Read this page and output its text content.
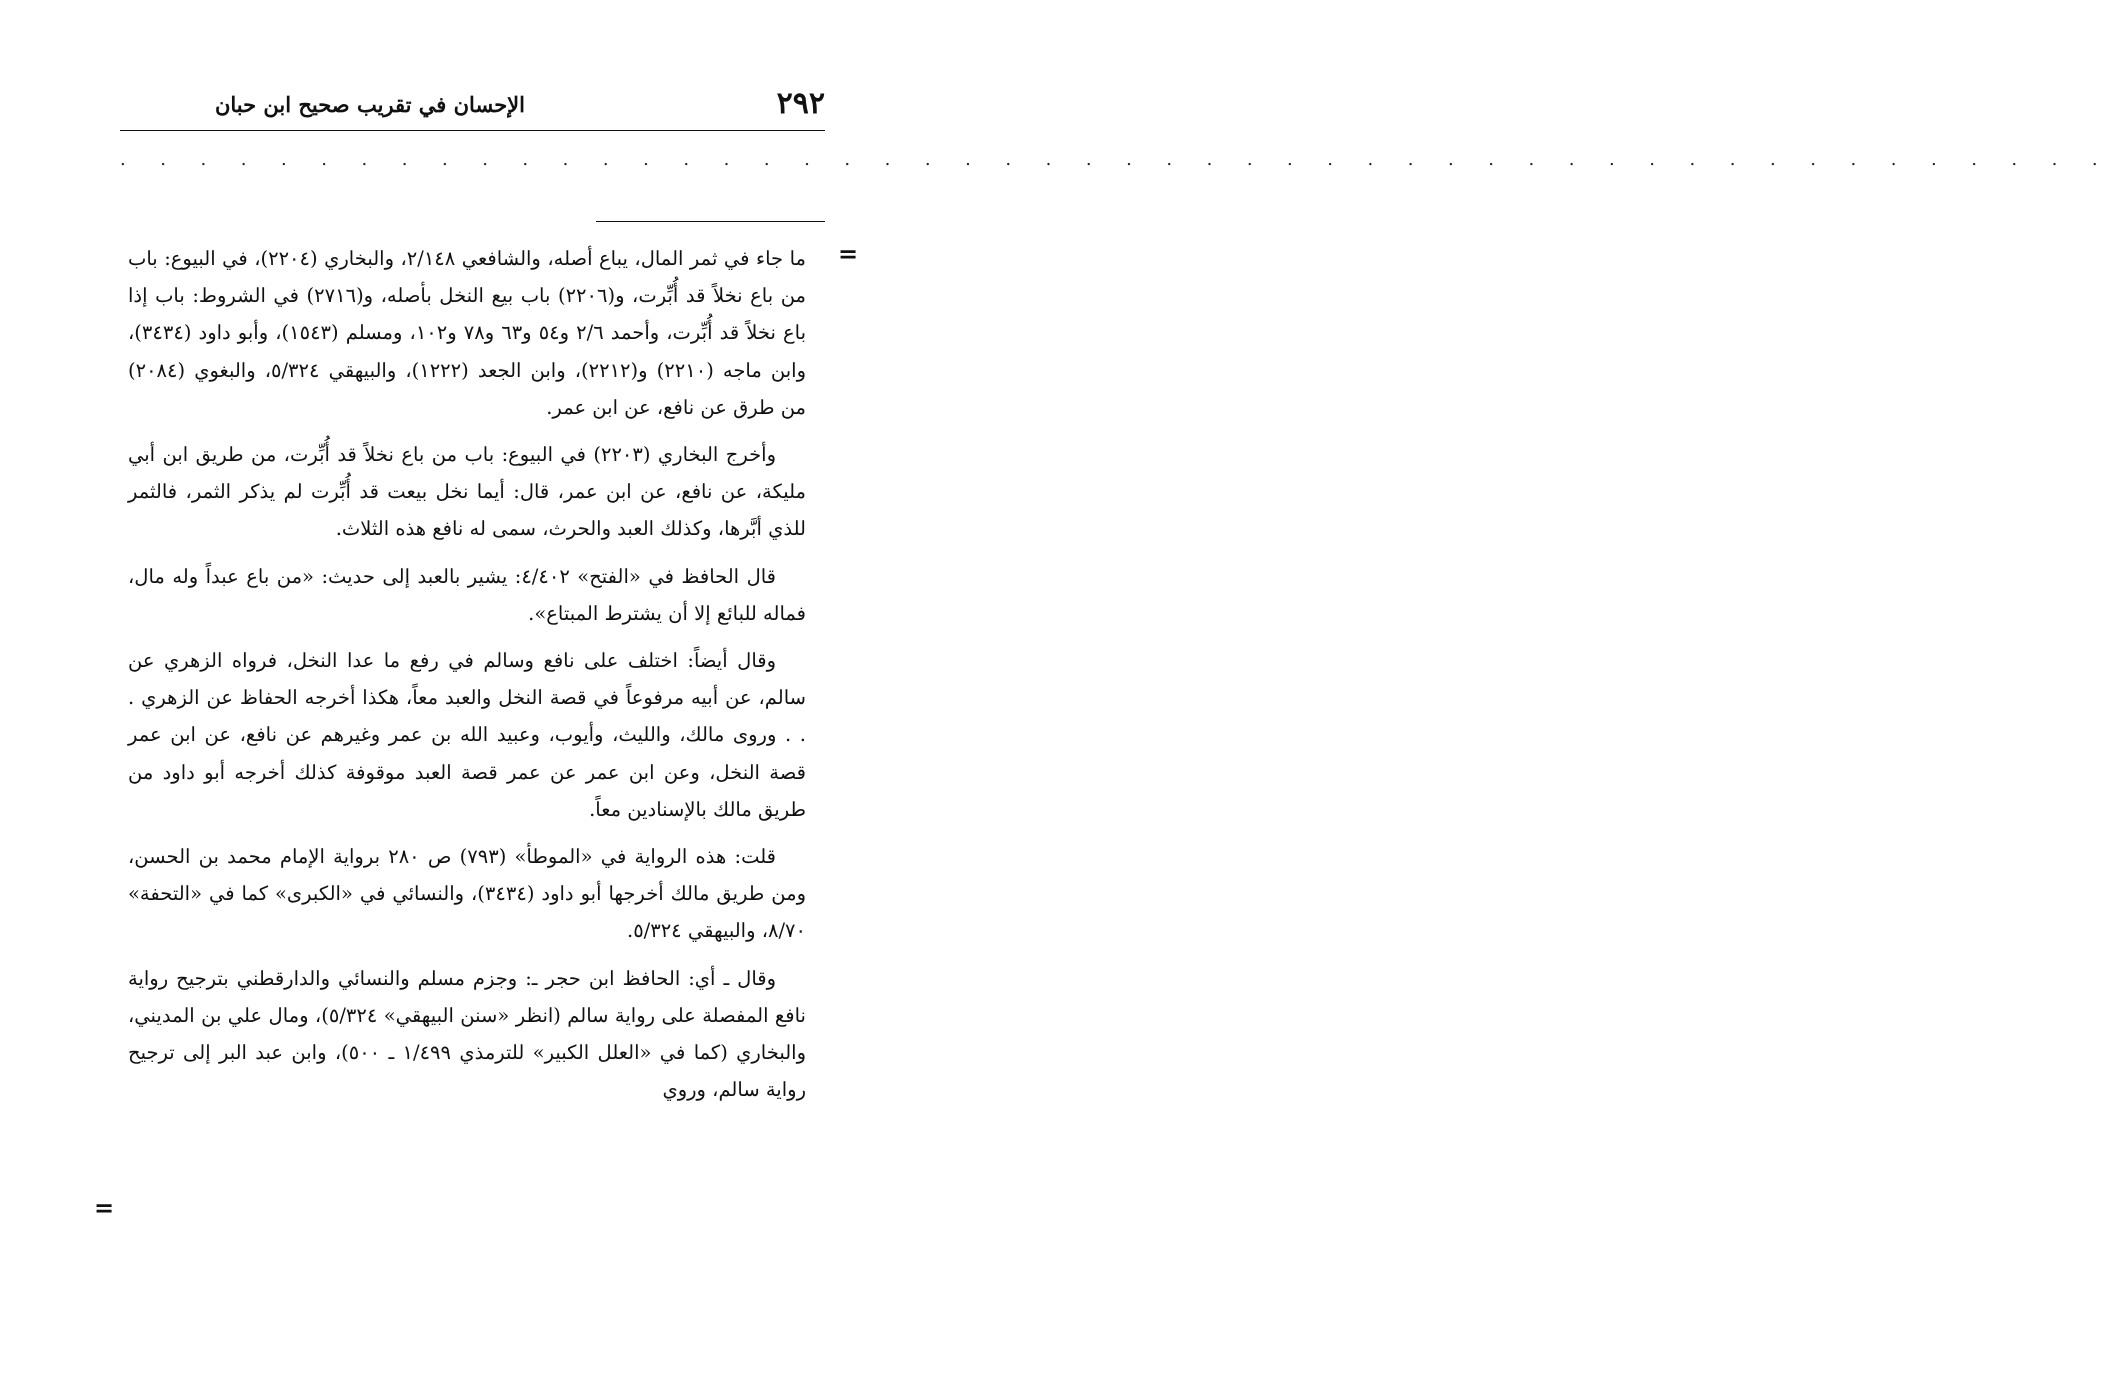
٢٩٢
الإحسان في تقريب صحيح ابن حبان
. . . . . . . . . . . . . . . . . . . . . . . . . . . . . . . . . . . . . . . . . . . . . . . . . .
=

ما جاء في ثمر المال، يباع أصله، والشافعي ٢/١٤٨، والبخاري (٢٢٠٤)، في البيوع: باب من باع نخلاً قد أُبِّرت، و(٢٢٠٦) باب بيع النخل بأصله، و(٢٧١٦) في الشروط: باب إذا باع نخلاً قد أُبِّرت، وأحمد ٢/٦ و٥٤ و٦٣ و٧٨ و١٠٢، ومسلم (١٥٤٣)، وأبو داود (٣٤٣٤)، وابن ماجه (٢٢١٠) و(٢٢١٢)، وابن الجعد (١٢٢٢)، والبيهقي ٥/٣٢٤، والبغوي (٢٠٨٤) من طرق عن نافع، عن ابن عمر.

وأخرج البخاري (٢٢٠٣) في البيوع: باب من باع نخلاً قد أُبِّرت، من طريق ابن أبي مليكة، عن نافع، عن ابن عمر، قال: أيما نخل بيعت قد أُبِّرت لم يذكر الثمر، فالثمر للذي أبَّرها، وكذلك العبد والحرث، سمى له نافع هذه الثلاث.

قال الحافظ في «الفتح» ٤/٤٠٢: يشير بالعبد إلى حديث: «من باع عبداً وله مال، فماله للبائع إلا أن يشترط المبتاع».

وقال أيضاً: اختلف على نافع وسالم في رفع ما عدا النخل، فرواه الزهري عن سالم، عن أبيه مرفوعاً في قصة النخل والعبد معاً، هكذا أخرجه الحفاظ عن الزهري . . . وروى مالك، والليث، وأيوب، وعبيد الله بن عمر وغيرهم عن نافع، عن ابن عمر قصة النخل، وعن ابن عمر عن عمر قصة العبد موقوفة كذلك أخرجه أبو داود من طريق مالك بالإسنادين معاً.

قلت: هذه الرواية في «الموطأ» (٧٩٣) ص ٢٨٠ برواية الإمام محمد بن الحسن، ومن طريق مالك أخرجها أبو داود (٣٤٣٤)، والنسائي في «الكبرى» كما في «التحفة» ٨/٧٠، والبيهقي ٥/٣٢٤.

وقال ـ أي: الحافظ ابن حجر ـ: وجزم مسلم والنسائي والدارقطني بترجيح رواية نافع المفصلة على رواية سالم (انظر «سنن البيهقي» ٥/٣٢٤)، ومال علي بن المديني، والبخاري (كما في «العلل الكبير» للترمذي ١/٤٩٩ ـ ٥٠٠)، وابن عبد البر إلى ترجيح رواية سالم، وروي

=
